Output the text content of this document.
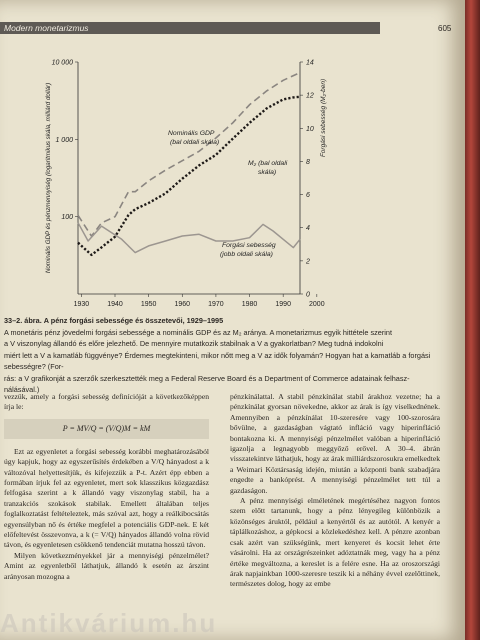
Modern monetarizmus	605
1930	1940	1950	1960	1970	1980	1990	2000
10 000
1 000
100
14
12
10
8
6
4
2
0
Nominális GDP és pénzmennyiség (logaritmikus skála, milliárd dollár)	Forgási sebesség (M₂-ben)
Nominális GDP
(bal oldali skála)
M₂ (bal oldali
skála)
Forgási sebesség
(jobb oldali skála)
33–2. ábra. A pénz forgási sebessége és összetevői, 1929–1995
A monetáris pénz jövedelmi forgási sebessége a nominális GDP és az M₂ aránya. A monetarizmus egyik hittétele szerint
a V viszonylag állandó és előre jelezhető. De mennyire mutatkozik stabilnak a V a gyakorlatban? Meg tudná indokolni
miért lett a V a kamatláb függvénye? Érdemes megtekinteni, mikor nőtt meg a V az idők folyamán? Hogyan hat a kamatláb a forgási sebességre? (For-
rás: a V grafikonját a szerzők szerkesztették meg a Federal Reserve Board és a Department of Commerce adatainak felhasz-
nálásával.)

vezzük, amely a forgási sebesség definícióját a következőképpen írja le:

P = MV/Q = (V/Q)M = kM

Ezt az egyenletet a forgási sebesség korábbi meghatározásából úgy kapjuk, hogy az egyszerűsítés érdekében a V/Q hányadost a k változóval helyettesítjük, és kifejezzük a P-t. Azért épp ebben a formában írjuk fel az egyenletet, mert sok klasszikus közgazdász felfogása szerint a k állandó vagy viszonylag stabil, ha a tranzakciós szokások stabilak. Emellett általában teljes foglalkoztatást feltételeztek, más szóval azt, hogy a reálkibocsátás egyensúlyban nő és értéke megfelel a potenciális GDP-nek. E két előfeltevést összevonva, a k (= V/Q) hányados állandó volna rövid távon, és egyenletesen csökkenő tendenciát mutatna hosszú távon.

Milyen következményekkel jár a mennyiségi pénzelmélet? Amint az egyenletből láthatjuk, állandó k esetén az árszint arányosan mozogna a

pénzkínálattal. A stabil pénzkínálat stabil árakhoz vezetne; ha a pénzkínálat gyorsan növekedne, akkor az árak is így viselkednének. Amennyiben a pénzkínálat 10-szeresére vagy 100-szorosára bővülne, a gazdaságban vágtató infláció vagy hiperinfláció bontakozna ki. A mennyiségi pénzelmélet valóban a hiperinfláció igazolja a legnagyobb meggyőző erővel. A 30–4. ábrán visszatekintve láthatjuk, hogy az árak milliárdszorosukra emelkedtek a Weimari Köztársaság idején, miután a központi bank szabadjára engedte a bankóprést. A mennyiségi pénzelmélet tett túl a gazdaságon.

A pénz mennyiségi elméletének megértéséhez nagyon fontos szem előtt tartanunk, hogy a pénz lényegileg különbözik a közönséges áruktól, például a kenyértől és az autótól. A kenyér a táplálkozáshoz, a gépkocsi a közlekedéshez kell. A pénzre azonban csak azért van szükségünk, mert kenyeret és kocsit lehet érte vásárolni. Ha az országrészeinket adóztatnák meg, vagy ha a pénz értéke megváltozna, a kereslet is a felére esne. Ha az oroszországi árak napjainkban 1000-szeresre teszik ki a néhány évvel ezelőttinek, természetes dolog, hogy az embe

Antikvárium.hu
